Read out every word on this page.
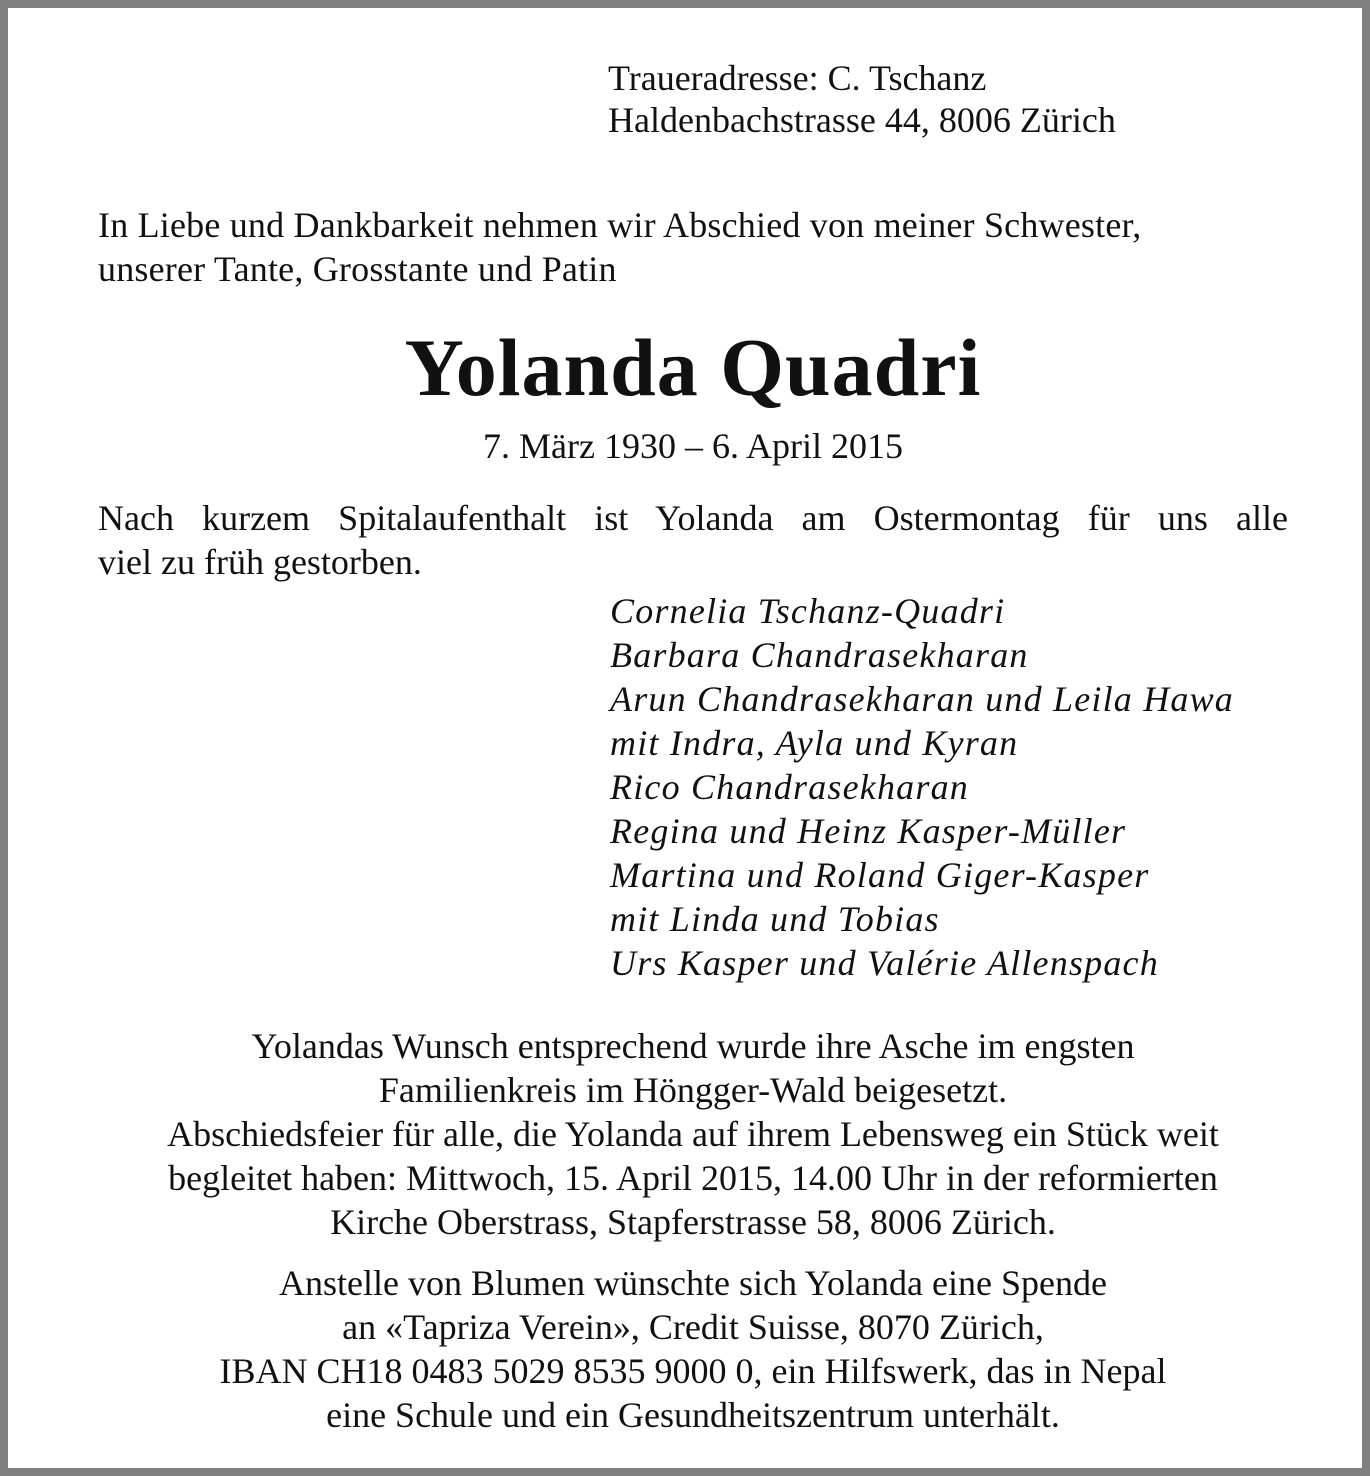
Traueradresse: C. Tschanz
Haldenbachstrasse 44, 8006 Zürich
In Liebe und Dankbarkeit nehmen wir Abschied von meiner Schwester,
unserer Tante, Grosstante und Patin
Yolanda Quadri
7. März 1930 – 6. April 2015
Nach kurzem Spitalaufenthalt ist Yolanda am Ostermontag für uns alle
viel zu früh gestorben.
Cornelia Tschanz-Quadri
Barbara Chandrasekharan
Arun Chandrasekharan und Leila Hawa
mit Indra, Ayla und Kyran
Rico Chandrasekharan
Regina und Heinz Kasper-Müller
Martina und Roland Giger-Kasper
mit Linda und Tobias
Urs Kasper und Valérie Allenspach
Yolandas Wunsch entsprechend wurde ihre Asche im engsten
Familienkreis im Höngger-Wald beigesetzt.
Abschiedsfeier für alle, die Yolanda auf ihrem Lebensweg ein Stück weit
begleitet haben: Mittwoch, 15. April 2015, 14.00 Uhr in der reformierten
Kirche Oberstrass, Stapferstrasse 58, 8006 Zürich.
Anstelle von Blumen wünschte sich Yolanda eine Spende
an «Tapriza Verein», Credit Suisse, 8070 Zürich,
IBAN CH18 0483 5029 8535 9000 0, ein Hilfswerk, das in Nepal
eine Schule und ein Gesundheitszentrum unterhält.
